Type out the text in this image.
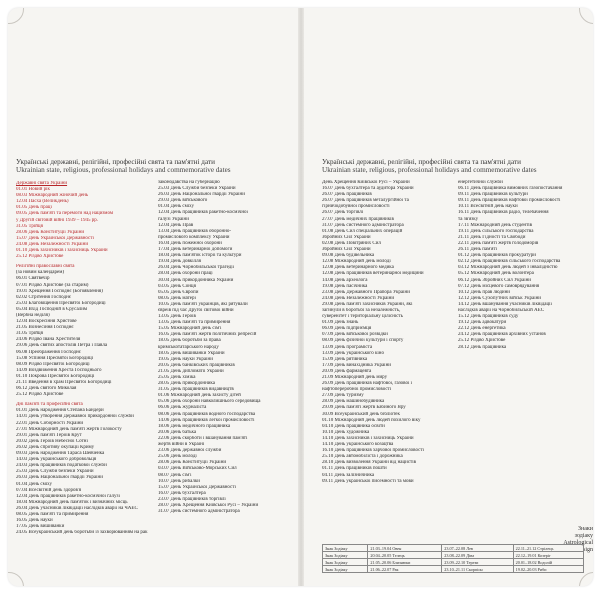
Українські державні, релігійні, професійні свята та пам'ятні дати
Ukrainian state, religious, professional holidays and commemorative dates
Державні свята України
01.01 Новий рік
08.03 Міжнародний жіночий день
12.04 Пасха (Великдень)
01.05 День праці
09.05 День пам'яті та перемоги над нацизмом
у Другій світовій війні 1939 – 1945 рр.
31.05 Трійця
28.06 День Конституції України
15.07 День Української Державності
24.08 День Незалежності України
01.10 День захисників і захисниць України
25.12 Різдво Христове
Релігійні православні свята
(за новим календарем)
06.01 Святвечір
07.01 Різдво Христове (за старим)
19.01 Хрещення Господнє (Богоявлення)
02.02 Стрітення Господнє
25.03 Благовіщення Пресвятої Богородиці
05.04 Вхід Господній в Єрусалим
(Вербна неділя)
12.04 Воскресіння Христове
21.05 Вознесіння Господнє
31.05 Трійця
24.06 Різдво Івана Хрестителя
29.06 День святих апостолів Петра і Павла
06.08 Преображення Господнє
15.08 Успіння Пресвятої Богородиці
08.09 Різдво Пресвятої Богородиці
14.09 Воздвиження Хреста Господнього
01.10 Покрова Пресвятої Богородиці
21.11 Введення в храм Пресвятої Богородиці
06.12 День святого Миколая
25.12 Різдво Христове
Дні пам'яті та професійні свята
01.01 День народження Степана Бандери
14.01 День утворення Державної прикордонної служби
22.01 День Соборності України
27.01 Міжнародний день пам'яті жертв Голокосту
29.01 День пам'яті Героїв Крут
20.02 День Героїв Небесної Сотні
26.02 День спротиву окупації Криму
09.03 День народження Тараса Шевченка
14.03 День українського добровольця
24.03 День працівників податкової служби
25.03 День Служби безпеки України
26.03 День Національної гвардії України
01.04 День сміху
07.04 Всесвітній день здоров'я
12.04 День працівників ракетно-космічної галузі
18.04 Міжнародний день пам'яток і визначних місць
26.04 День учасників ліквідації наслідків аварії на ЧАЕС
08.05 День пам'яті та примирення
16.05 День науки
17.05 День вишиванки
24.05 Всеукраїнський день боротьби із захворюванням на рак
законодавства на губернацію
25.03 День Служби безпеки України
26.03 День Національної гвардії України
29.03 День військового
01.04 День сміху
12.04 День працівників ракетно-космічної
галузі України
12.04 День Прав
13.04 День працівників оборонно-
промислового комплексу України
16.04 День пожежної охорони
17.04 День ветеринарної допомоги
18.04 День пам'яток історії та культури
19.04 День довкілля
26.04 День Чорнобильської трагедії
28.04 День охорони праці
30.04 День прикордонника України
03.05 День Сонця
05.05 День Європи
08.05 День матері
10.05 День пам'яті українців, які рятували
євреїв під час Другої світової війни
13.05 День Героїв
13.05 День пам'яті та примирення
15.05 Міжнародний день сім'ї
16.05 День пам'яті жертв політичних репресій
18.05 День боротьби за права
кримськотатарського народу
18.05 День вишиванки України
19.05 День науки України
20.05 День банківських працівників
21.05 День дипломатії України
25.05 День хіміка
28.05 День прикордонника
31.05 День працівників видавництв
01.06 Міжнародний день захисту дітей
05.06 День охорони навколишнього середовища
06.06 День журналіста
08.06 День працівників водного господарства
14.06 День працівників легкої промисловості
18.06 День медичного працівника
20.06 День батька
22.06 День скорботи і вшанування пам'яті
жертв війни в Україні
23.06 День державної служби
25.06 День молоді
28.06 День Конституції України
03.07 День Військово-Морських Сил
08.07 День сім'ї
10.07 День рибалки
15.07 День Української Державності
16.07 День бухгалтера
23.07 День працівників торгівлі
28.07 День Хрещення Київської Русі – України
31.07 День системного адміністратора
Українські державні, релігійні, професійні свята та пам'ятні дати
Ukrainian state, religious, professional holidays and commemorative dates
День Хрещення Київської Русі – України
16.07 День бухгалтера та аудитора України
26.07 День працівників
26.07 День працівників металургійної та
гірничодобувної промисловості
26.07 День торгівлі
27.07 День медичних працівників
31.07 День системного адміністратора
01.08 День Сил спеціальних операцій
Збройних Сил України
02.08 День Повітряних Сил
Збройних Сил України
09.08 День будівельника
12.08 Міжнародний день молоді
12.08 День ветеринарного медика
12.08 День працівників ветеринарної медицини
14.08 День археолога
19.08 День пасічника
23.08 День Державного Прапора України
24.08 День Незалежності України
29.08 День пам'яті захисників України, які
загинули в боротьбі за незалежність,
суверенітет і територіальну цілісність
01.09 День знань
06.09 День підприємця
07.09 День військової розвідки
08.09 День фізичної культури і спорту
13.09 День програміста
13.09 День українського кіно
15.09 День рятівника
17.09 День винахідника України
20.09 День фармацевта
21.09 Міжнародний день миру
26.09 День працівників нафтової, газової і
нафтопереробної промисловості
27.09 День туризму
28.09 День машинобудівника
29.09 День пам'яті жертв Бабиного Яру
30.09 Всеукраїнський день бібліотек
01.10 Міжнародний день людей похилого віку
04.10 День працівника освіти
10.10 День художника
14.10 День захисників і захисниць України
14.10 День українського козацтва
16.10 День працівників харчової промисловості
25.10 День автомобіліста і дорожника
28.10 День визволення України від нацистів
01.11 День працівників пошти
04.11 День залізничника
09.11 День української писемності та мови
енергетичної служби
06.11 День працівника вимовних газопостачання
09.11 День працівників культури
09.11 День працівників нафтової промисловості
10.11 Всесвітній день науки
16.11 День працівників радіо, телебачення
та зв'язку
17.11 Міжнародний день студентів
19.11 День сільського господарства
21.11 День Гідності та Свободи
22.11 День пам'яті жертв голодоморів
26.11 День пам'яті
01.12 День працівників прокуратури
02.12 День працівників сільського господарства
03.12 Міжнародний день людей з інвалідністю
05.12 Міжнародний день волонтера
06.12 День Збройних Сил України
07.12 День місцевого самоврядування
10.12 День прав людини
12.12 День Сухопутних військ України
14.12 День вшанування учасників ліквідації
наслідків аварії на Чорнобильській АЕС
15.12 День працівників суду
19.12 День адвокатури
22.12 День енергетика
24.12 День працівників архівних установ
25.12 Різдво Христове
28.12 День працівника
Знаки зодіаку
Astrological sign
Знак Зодіаку	21.03–19.04 Овен	23.07–22.08 Лев	22.11–21.12 Стрілець
Знак Зодіаку	20.04–20.05 Телець	23.08–22.09 Діва	22.12–19.01 Козеріг
Знак Зодіаку	21.05–20.06 Близнюки	23.09–22.10 Терези	20.01–18.02 Водолій
Знак Зодіаку	21.06–22.07 Рак	23.10–21.11 Скорпіон	19.02–20.03 Риби
